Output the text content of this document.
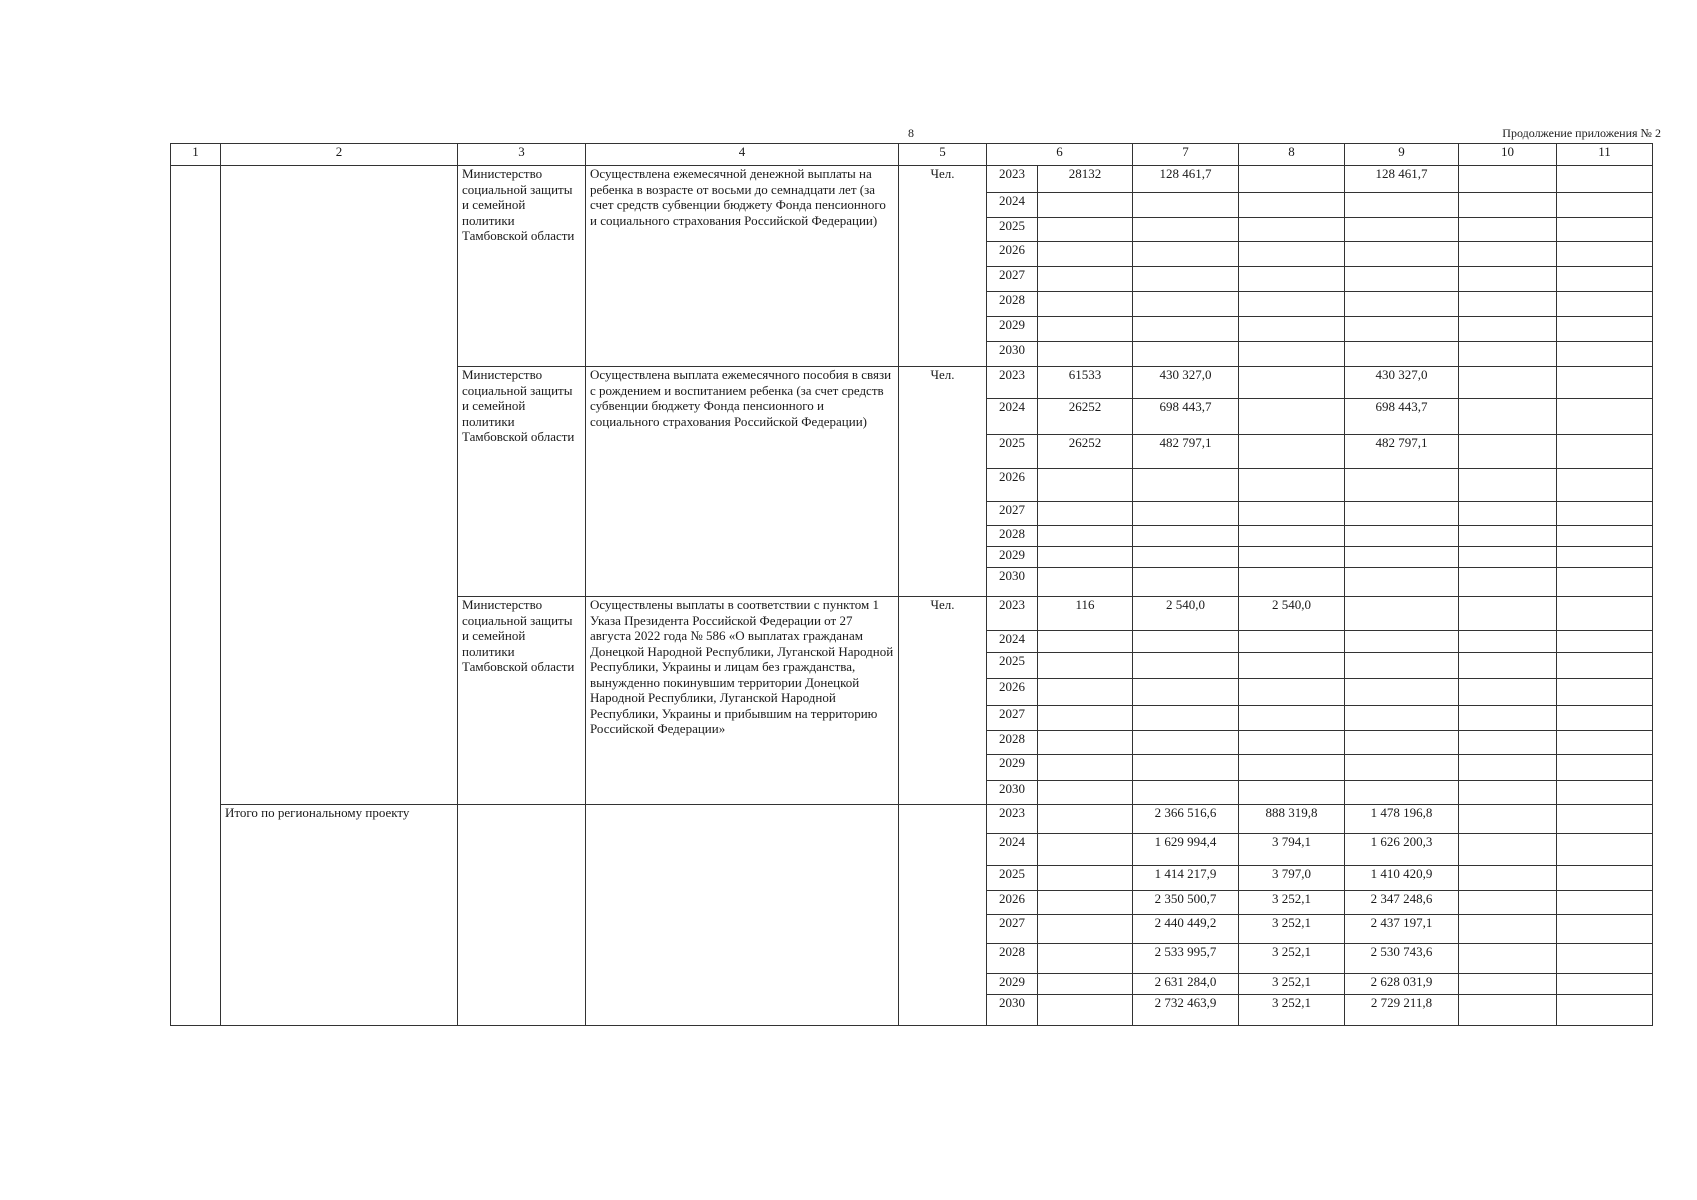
8	Продолжение приложения № 2
1	2	3	4	5	6		7	8	9	10	11
		Министерство социальной защиты и семейной политики Тамбовской области	Осуществлена ежемесячной денежной выплаты на ребенка в возрасте от восьми до семнадцати лет (за счет средств субвенции бюджету Фонда пенсионного и социального страхования Российской Федерации)	Чел.	2023	28132	128 461,7		128 461,7		
					2024						
					2025						
					2026						
					2027						
					2028						
					2029						
					2030						
		Министерство социальной защиты и семейной политики Тамбовской области	Осуществлена выплата ежемесячного пособия в связи с рождением и воспитанием ребенка (за счет средств субвенции бюджету Фонда пенсионного и социального страхования Российской Федерации)	Чел.	2023	61533	430 327,0		430 327,0		
					2024	26252	698 443,7		698 443,7		
					2025	26252	482 797,1		482 797,1		
					2026						
					2027						
					2028						
					2029						
					2030						
		Министерство социальной защиты и семейной политики Тамбовской области	Осуществлены выплаты в соответствии с пунктом 1 Указа Президента Российской Федерации от 27 августа 2022 года № 586 «О выплатах гражданам Донецкой Народной Республики, Луганской Народной Республики, Украины и лицам без гражданства, вынужденно покинувшим территории Донецкой Народной Республики, Луганской Народной Республики, Украины и прибывшим на территорию Российской Федерации»	Чел.	2023	116	2 540,0	2 540,0			
					2024						
					2025						
					2026						
					2027						
					2028						
					2029						
					2030						
	Итого по региональному проекту				2023		2 366 516,6	888 319,8	1 478 196,8		
					2024		1 629 994,4	3 794,1	1 626 200,3		
					2025		1 414 217,9	3 797,0	1 410 420,9		
					2026		2 350 500,7	3 252,1	2 347 248,6		
					2027		2 440 449,2	3 252,1	2 437 197,1		
					2028		2 533 995,7	3 252,1	2 530 743,6		
					2029		2 631 284,0	3 252,1	2 628 031,9		
					2030		2 732 463,9	3 252,1	2 729 211,8		
